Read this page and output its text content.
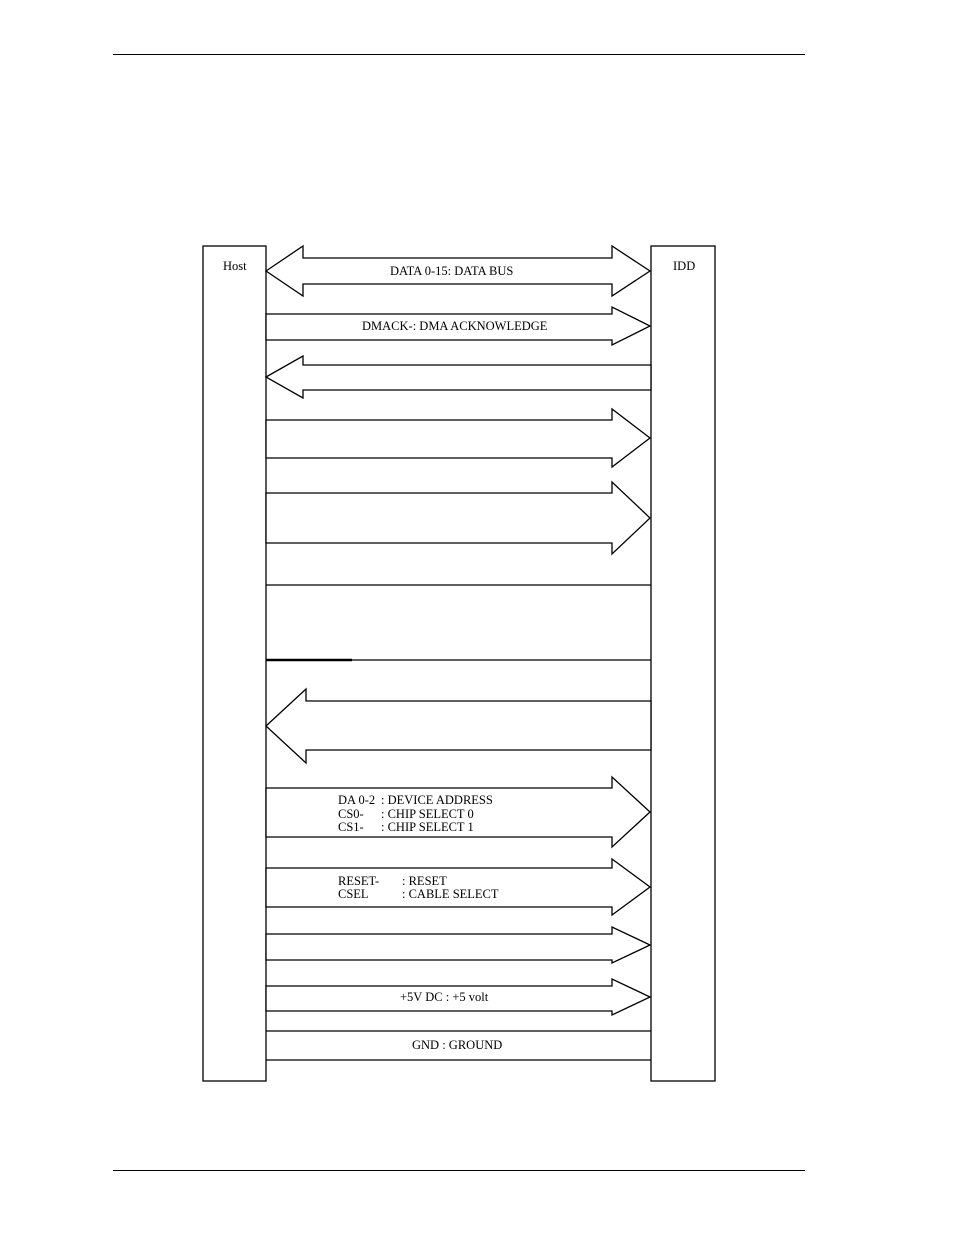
Host	IDD
DATA 0-15: DATA BUS
DMACK-: DMA ACKNOWLEDGE
DA 0-2 : DEVICE ADDRESS
CS0- : CHIP SELECT 0
CS1- : CHIP SELECT 1
RESET- : RESET
CSEL	: CABLE SELECT
+5V DC : +5 volt
GND : GROUND
